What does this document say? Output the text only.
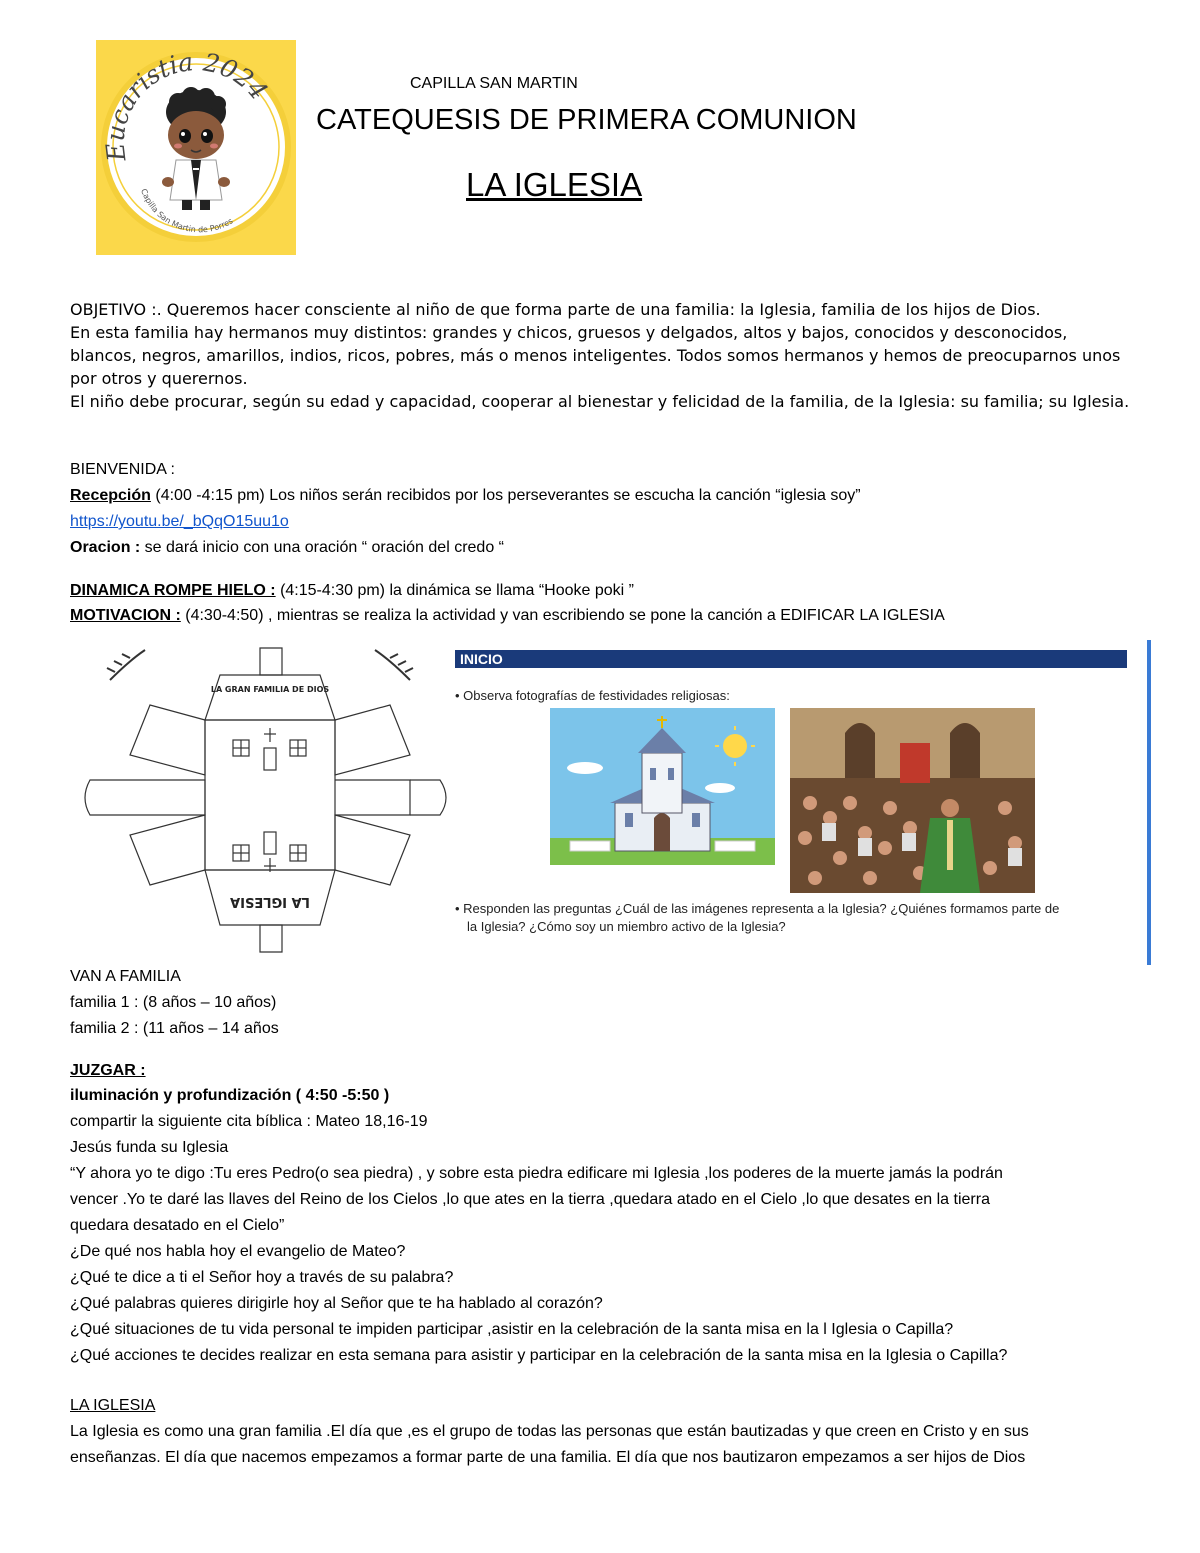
Eucaristia 2024
Capilla San Martin de Porres
CAPILLA SAN MARTIN
CATEQUESIS DE PRIMERA COMUNION
LA IGLESIA
OBJETIVO :. Queremos hacer consciente al niño de que forma parte de una familia: la Iglesia, familia de los hijos de Dios.
En esta familia hay hermanos muy distintos: grandes y chicos, gruesos y delgados, altos y bajos, conocidos y desconocidos, blancos, negros, amarillos, indios, ricos, pobres, más o menos inteligentes. Todos somos hermanos y hemos de preocuparnos unos por otros y querernos.
El niño debe procurar, según su edad y capacidad, cooperar al bienestar y felicidad de la familia, de la Iglesia: su familia; su Iglesia.
BIENVENIDA :
Recepción (4:00 -4:15 pm) Los niños serán recibidos por los perseverantes se escucha la canción “iglesia soy”
https://youtu.be/_bQqO15uu1o
Oracion : se dará inicio con una oración “ oración del credo “
DINAMICA ROMPE HIELO : (4:15-4:30 pm) la dinámica se llama “Hooke poki ”
MOTIVACION : (4:30-4:50) , mientras se realiza la actividad y van escribiendo se pone la canción a EDIFICAR LA IGLESIA
LA GRAN FAMILIA DE DIOS
LA IGLESIA
INICIO
• Observa fotografías de festividades religiosas:
• Responden las preguntas ¿Cuál de las imágenes representa a la Iglesia? ¿Quiénes formamos parte de
la Iglesia? ¿Cómo soy un miembro activo de la Iglesia?
VAN A FAMILIA
familia 1 : (8 años – 10 años)
familia 2 : (11 años – 14 años
JUZGAR :
iluminación y profundización ( 4:50 -5:50 )
compartir la siguiente cita bíblica : Mateo 18,16-19
Jesús funda su Iglesia
“Y ahora yo te digo :Tu eres Pedro(o sea piedra) , y sobre esta piedra edificare mi Iglesia ,los poderes de la muerte jamás la podrán
vencer .Yo te daré las llaves del Reino de los Cielos ,lo que ates en la tierra ,quedara atado en el Cielo ,lo que desates en la tierra
quedara desatado en el Cielo”
¿De qué nos habla hoy el evangelio de Mateo?
¿Qué te dice a ti el Señor hoy a través de su palabra?
¿Qué palabras quieres dirigirle hoy al Señor que te ha hablado al corazón?
¿Qué situaciones de tu vida personal te impiden participar ,asistir en la celebración de la santa misa en la l Iglesia o Capilla?
¿Qué acciones te decides realizar en esta semana para asistir y participar en la celebración de la santa misa en la Iglesia o Capilla?
LA IGLESIA
La Iglesia es como una gran familia .El día que ,es el grupo de todas las personas que están bautizadas y que creen en Cristo y en sus
enseñanzas. El día que nacemos empezamos a formar parte de una familia. El día que nos bautizaron empezamos a ser hijos de Dios
